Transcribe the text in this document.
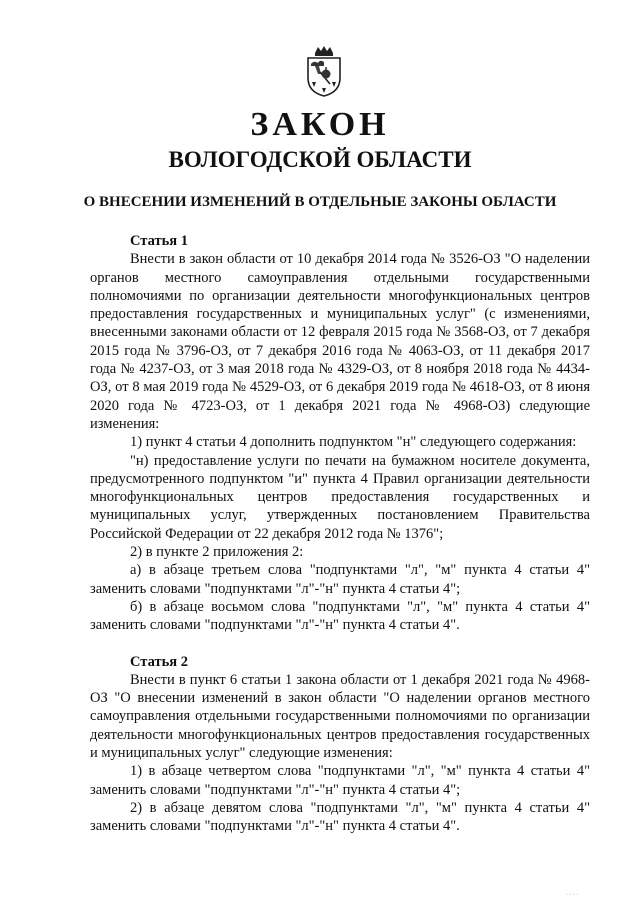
ЗАКОН
ВОЛОГОДСКОЙ ОБЛАСТИ
О ВНЕСЕНИИ ИЗМЕНЕНИЙ В ОТДЕЛЬНЫЕ ЗАКОНЫ ОБЛАСТИ

Статья 1

Внести в закон области от 10 декабря 2014 года № 3526-ОЗ "О наделении органов местного самоуправления отдельными государственными полномочиями по организации деятельности многофункциональных центров предоставления государственных и муниципальных услуг" (с изменениями, внесенными законами области от 12 февраля 2015 года № 3568-ОЗ, от 7 декабря 2015 года № 3796-ОЗ, от 7 декабря 2016 года № 4063-ОЗ, от 11 декабря 2017 года № 4237-ОЗ, от 3 мая 2018 года № 4329-ОЗ, от 8 ноября 2018 года № 4434-ОЗ, от 8 мая 2019 года № 4529-ОЗ, от 6 декабря 2019 года № 4618-ОЗ, от 8 июня 2020 года № 4723-ОЗ, от 1 декабря 2021 года № 4968-ОЗ) следующие изменения:

1) пункт 4 статьи 4 дополнить подпунктом "н" следующего содержания:

"н) предоставление услуги по печати на бумажном носителе документа, предусмотренного подпунктом "и" пункта 4 Правил организации деятельности многофункциональных центров предоставления государственных и муниципальных услуг, утвержденных постановлением Правительства Российской Федерации от 22 декабря 2012 года № 1376";

2) в пункте 2 приложения 2:

а) в абзаце третьем слова "подпунктами "л", "м" пункта 4 статьи 4" заменить словами "подпунктами "л"-"н" пункта 4 статьи 4";

б) в абзаце восьмом слова "подпунктами "л", "м" пункта 4 статьи 4" заменить словами "подпунктами "л"-"н" пункта 4 статьи 4".

Статья 2

Внести в пункт 6 статьи 1 закона области от 1 декабря 2021 года № 4968-ОЗ "О внесении изменений в закон области "О наделении органов местного самоуправления отдельными государственными полномочиями по организации деятельности многофункциональных центров предоставления государственных и муниципальных услуг" следующие изменения:

1) в абзаце четвертом слова "подпунктами "л", "м" пункта 4 статьи 4" заменить словами "подпунктами "л"-"н" пункта 4 статьи 4";

2) в абзаце девятом слова "подпунктами "л", "м" пункта 4 статьи 4" заменить словами "подпунктами "л"-"н" пункта 4 статьи 4".

· · · ·
